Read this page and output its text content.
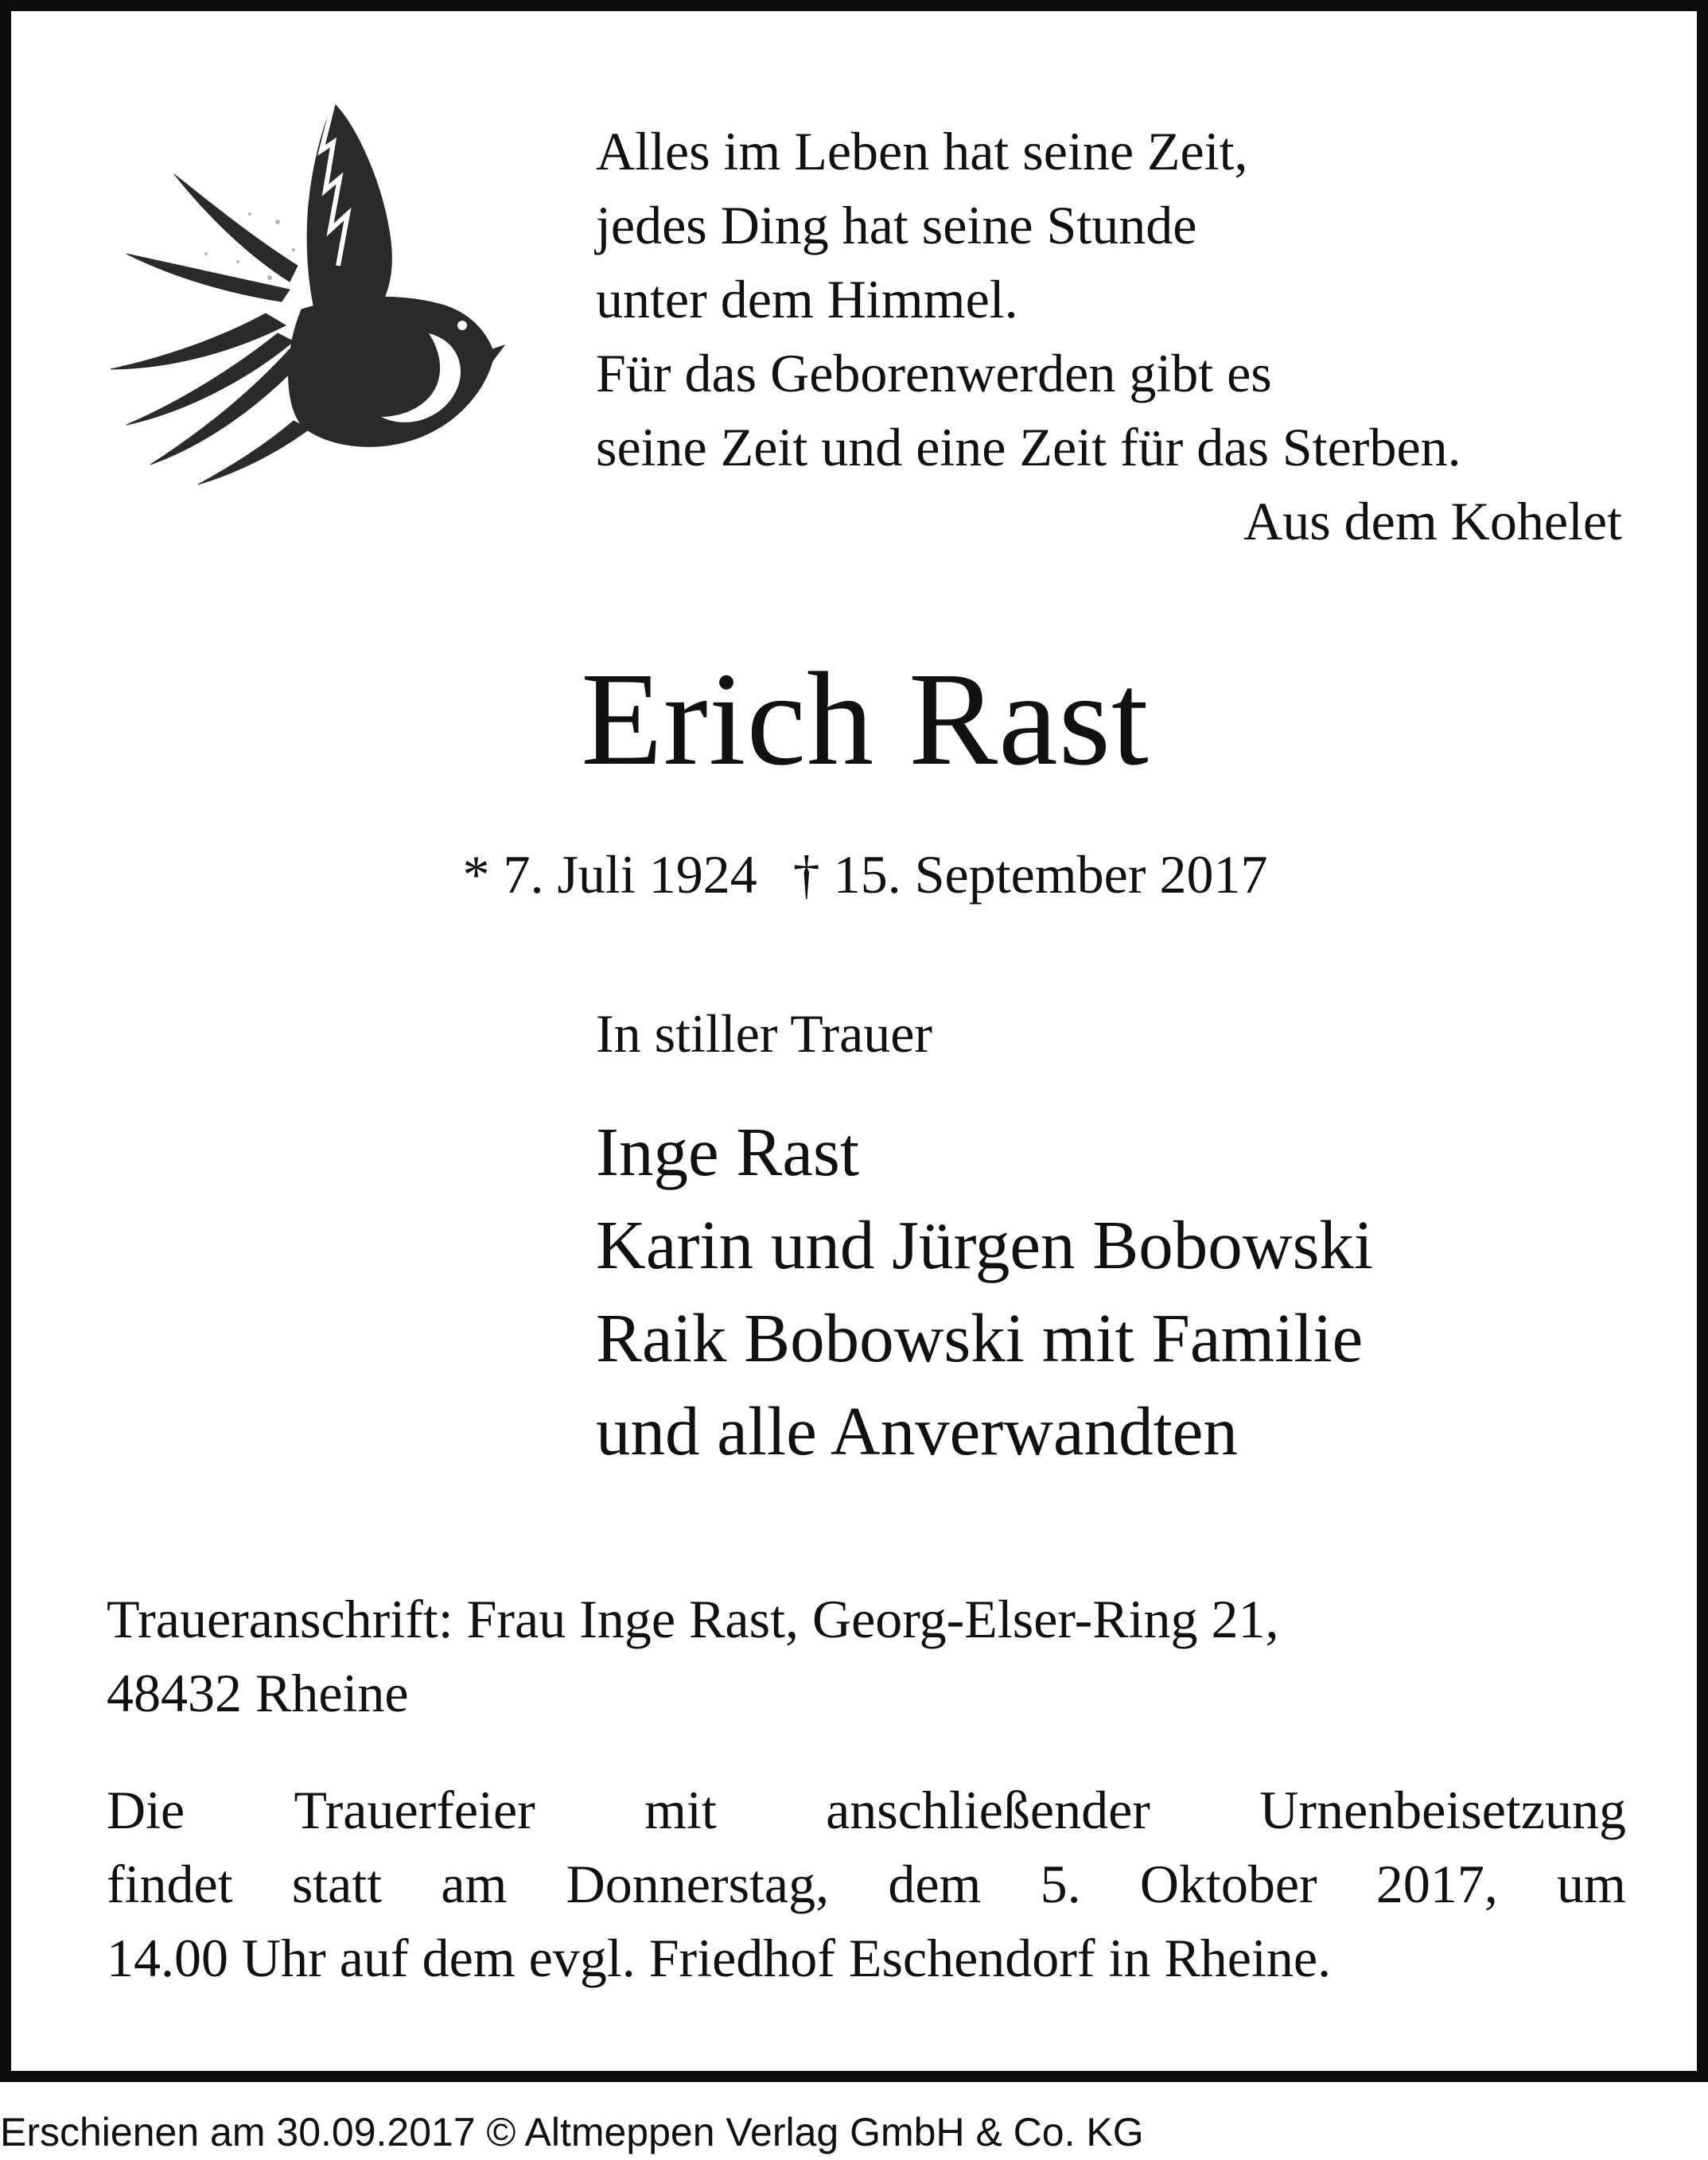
Alles im Leben hat seine Zeit,
jedes Ding hat seine Stunde
unter dem Himmel.
Für das Geborenwerden gibt es
seine Zeit und eine Zeit für das Sterben.
Aus dem Kohelet
Erich Rast
* 7. Juli 1924 † 15. September 2017
In stiller Trauer
Inge Rast
Karin und Jürgen Bobowski
Raik Bobowski mit Familie
und alle Anverwandten
Traueranschrift: Frau Inge Rast, Georg-Elser-Ring 21,
48432 Rheine
Die Trauerfeier mit anschließender Urnenbeisetzung
findet statt am Donnerstag, dem 5. Oktober 2017, um
14.00 Uhr auf dem evgl. Friedhof Eschendorf in Rheine.
Erschienen am 30.09.2017 © Altmeppen Verlag GmbH & Co. KG
